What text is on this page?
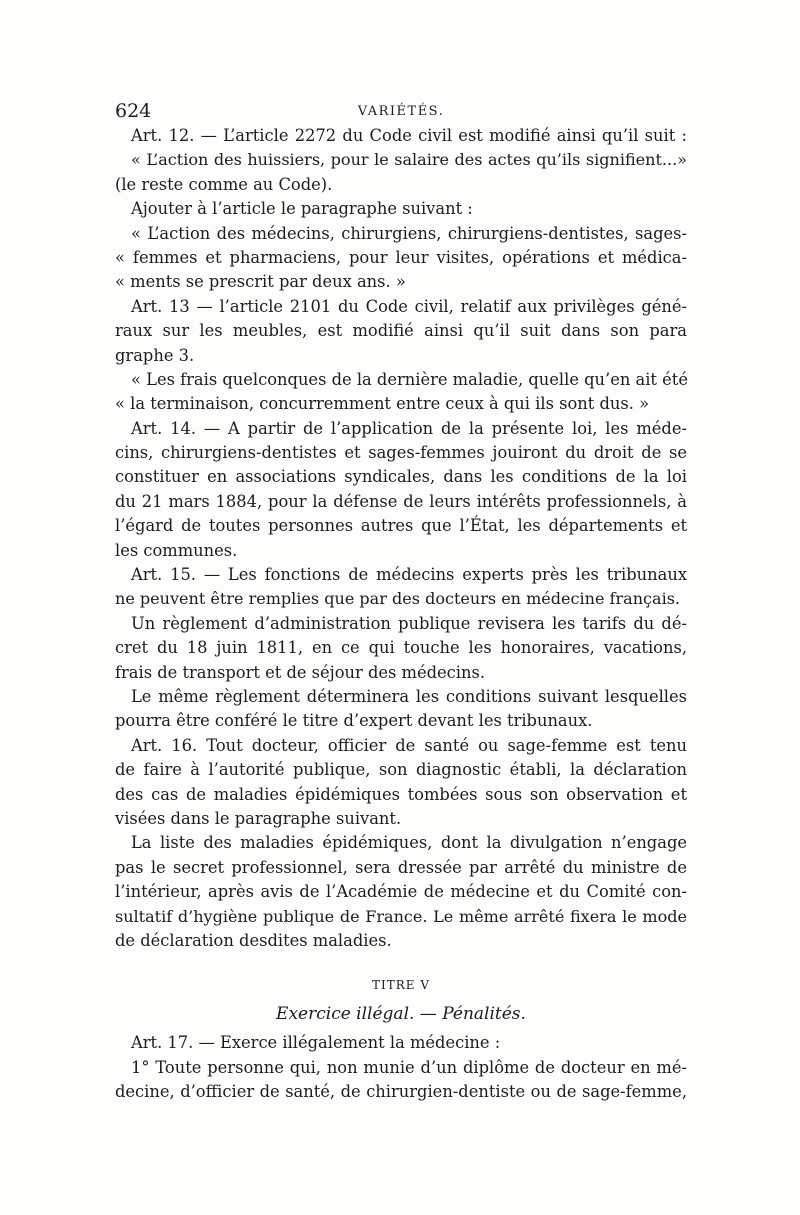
624	VARIÉTÉS.
Art. 12. — L’article 2272 du Code civil est modifié ainsi qu’il suit :
« L’action des huissiers, pour le salaire des actes qu’ils signifient...»
(le reste comme au Code).
Ajouter à l’article le paragraphe suivant :
« L’action des médecins, chirurgiens, chirurgiens-dentistes, sages-
« femmes et pharmaciens, pour leur visites, opérations et médica-
« ments se prescrit par deux ans. »
Art. 13 — l’article 2101 du Code civil, relatif aux privilèges géné-
raux sur les meubles, est modifié ainsi qu’il suit dans son para
graphe 3.
« Les frais quelconques de la dernière maladie, quelle qu’en ait été
« la terminaison, concurremment entre ceux à qui ils sont dus. »
Art. 14. — A partir de l’application de la présente loi, les méde-
cins, chirurgiens-dentistes et sages-femmes jouiront du droit de se
constituer en associations syndicales, dans les conditions de la loi
du 21 mars 1884, pour la défense de leurs intérêts professionnels, à
l’égard de toutes personnes autres que l’État, les départements et
les communes.
Art. 15. — Les fonctions de médecins experts près les tribunaux
ne peuvent être remplies que par des docteurs en médecine français.
Un règlement d’administration publique revisera les tarifs du dé-
cret du 18 juin 1811, en ce qui touche les honoraires, vacations,
frais de transport et de séjour des médecins.
Le même règlement déterminera les conditions suivant lesquelles
pourra être conféré le titre d’expert devant les tribunaux.
Art. 16. Tout docteur, officier de santé ou sage-femme est tenu
de faire à l’autorité publique, son diagnostic établi, la déclaration
des cas de maladies épidémiques tombées sous son observation et
visées dans le paragraphe suivant.
La liste des maladies épidémiques, dont la divulgation n’engage
pas le secret professionnel, sera dressée par arrêté du ministre de
l’intérieur, après avis de l’Académie de médecine et du Comité con-
sultatif d’hygiène publique de France. Le même arrêté fixera le mode
de déclaration desdites maladies.
TITRE V
Exercice illégal. — Pénalités.
Art. 17. — Exerce illégalement la médecine :
1° Toute personne qui, non munie d’un diplôme de docteur en mé-
decine, d’officier de santé, de chirurgien-dentiste ou de sage-femme,
